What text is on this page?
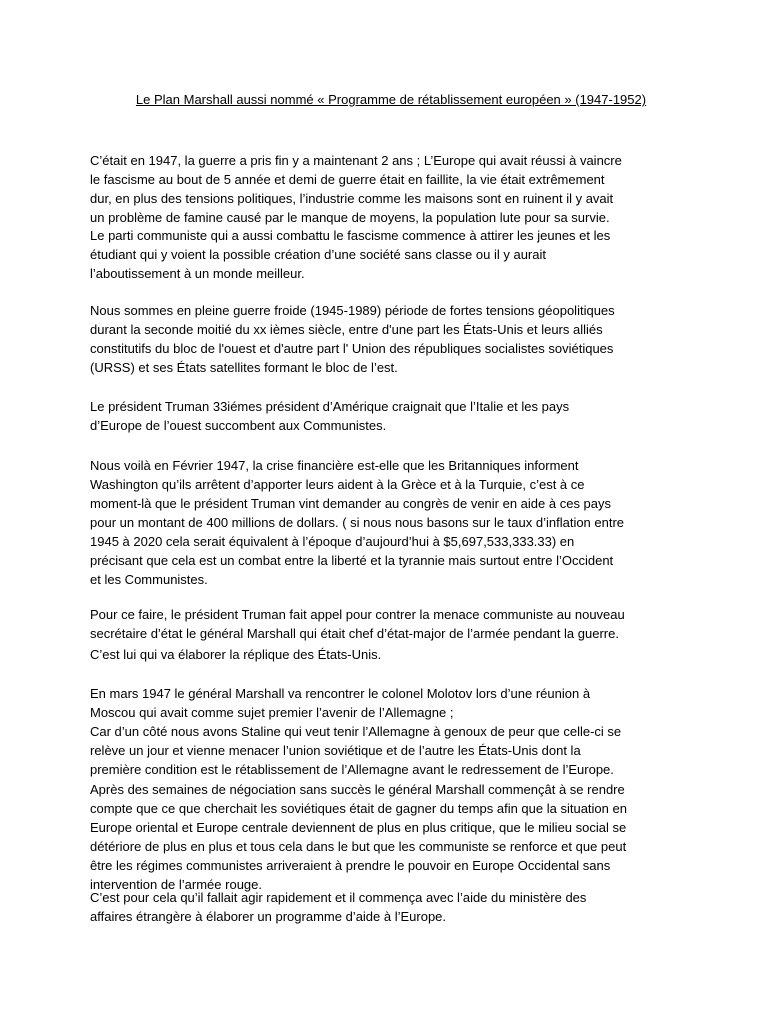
Le Plan Marshall aussi nommé « Programme de rétablissement européen » (1947-1952)

C’était en 1947, la guerre a pris fin y a maintenant 2 ans ; L’Europe qui avait réussi à vaincre
le fascisme au bout de 5 année et demi de guerre était en faillite, la vie était extrêmement
dur, en plus des tensions politiques, l’industrie comme les maisons sont en ruinent il y avait
un problème de famine causé par le manque de moyens, la population lute pour sa survie.

Le parti communiste qui a aussi combattu le fascisme commence à attirer les jeunes et les
étudiant qui y voient la possible création d’une société sans classe ou il y aurait
l’aboutissement à un monde meilleur.

Nous sommes en pleine guerre froide (1945-1989) période de fortes tensions géopolitiques
durant la seconde moitié du xx ièmes siècle, entre d'une part les États-Unis et leurs alliés
constitutifs du bloc de l'ouest et d'autre part l' Union des républiques socialistes soviétiques
(URSS) et ses États satellites formant le bloc de l’est.

Le président Truman 33iémes président d’Amérique craignait que l’Italie et les pays
d’Europe de l’ouest succombent aux Communistes.

Nous voilà en Février 1947, la crise financière est-elle que les Britanniques informent
Washington qu’ils arrêtent d’apporter leurs aident à la Grèce et à la Turquie, c’est à ce
moment-là que le président Truman vint demander au congrès de venir en aide à ces pays
pour un montant de 400 millions de dollars. ( si nous nous basons sur le taux d’inflation entre
1945 à 2020 cela serait équivalent à l’époque d’aujourd’hui à $5,697,533,333.33) en
précisant que cela est un combat entre la liberté et la tyrannie mais surtout entre l’Occident
et les Communistes.

Pour ce faire, le président Truman fait appel pour contrer la menace communiste au nouveau
secrétaire d’état le général Marshall qui était chef d’état-major de l’armée pendant la guerre.

C’est lui qui va élaborer la réplique des États-Unis.

En mars 1947 le général Marshall va rencontrer le colonel Molotov lors d’une réunion à
Moscou qui avait comme sujet premier l’avenir de l’Allemagne ;

Car d’un côté nous avons Staline qui veut tenir l’Allemagne à genoux de peur que celle-ci se
relève un jour et vienne menacer l’union soviétique et de l’autre les États-Unis dont la
première condition est le rétablissement de l’Allemagne avant le redressement de l’Europe.

Après des semaines de négociation sans succès le général Marshall commençât à se rendre
compte que ce que cherchait les soviétiques était de gagner du temps afin que la situation en
Europe oriental et Europe centrale deviennent de plus en plus critique, que le milieu social se
détériore de plus en plus et tous cela dans le but que les communiste se renforce et que peut
être les régimes communistes arriveraient à prendre le pouvoir en Europe Occidental sans
intervention de l’armée rouge.

C’est pour cela qu’il fallait agir rapidement et il commença avec l’aide du ministère des
affaires étrangère à élaborer un programme d’aide à l’Europe.
